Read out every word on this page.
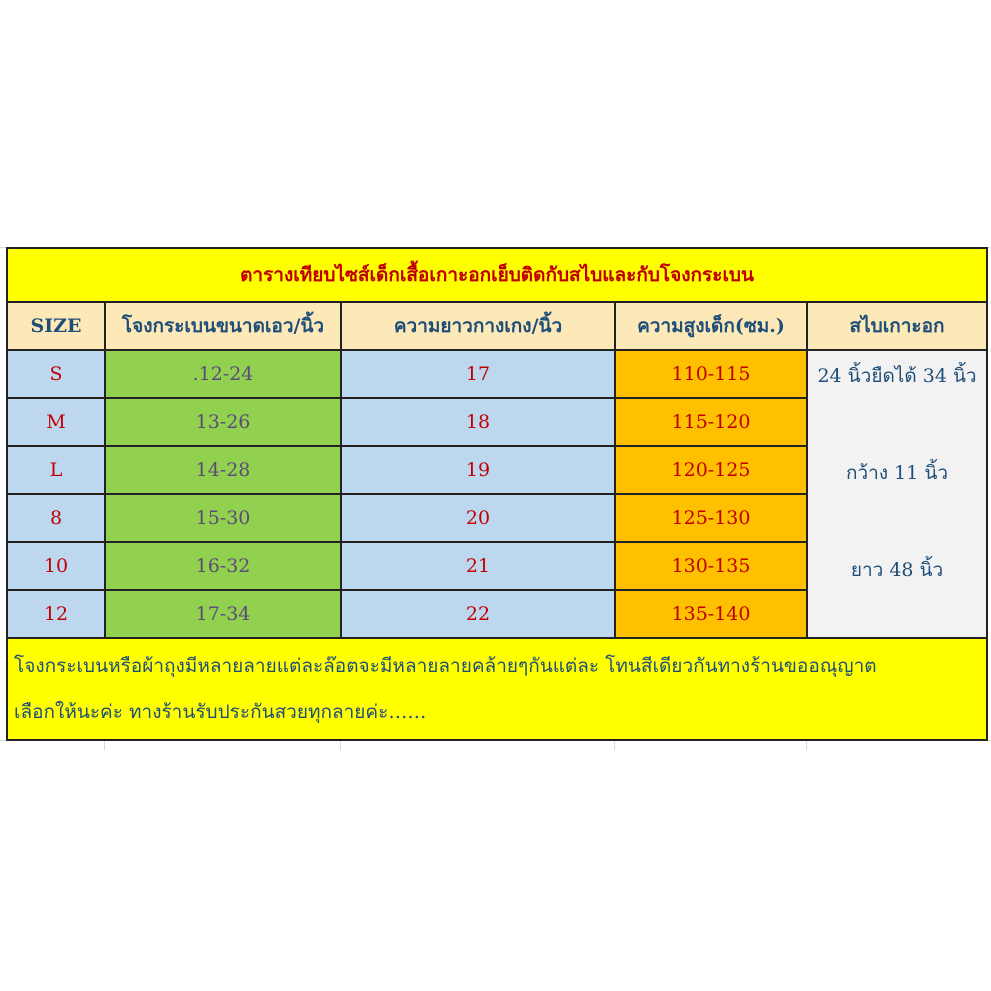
ตารางเทียบไซส์เด็กเสื้อเกาะอกเย็บติดกับสไบและกับโจงกระเบน				
SIZE	โจงกระเบนขนาดเอว/นิ้ว	ความยาวกางเกง/นิ้ว	ความสูงเด็ก(ซม.)	สไบเกาะอก
S	.12-24	17	110-115	24 นิ้วยืดได้ 34 นิ้ว
กว้าง 11 นิ้ว
ยาว 48 นิ้ว

M	13-26	18	115-120	
L	14-28	19	120-125	
8	15-30	20	125-130	
10	16-32	21	130-135	
12	17-34	22	135-140	

โจงกระเบนหรือผ้าถุงมีหลายลายแต่ละล๊อตจะมีหลายลายคล้ายๆกันแต่ละ โทนสีเดียวกันทางร้านขออณุญาต
เลือกให้นะค่ะ ทางร้านรับประกันสวยทุกลายค่ะ……				
